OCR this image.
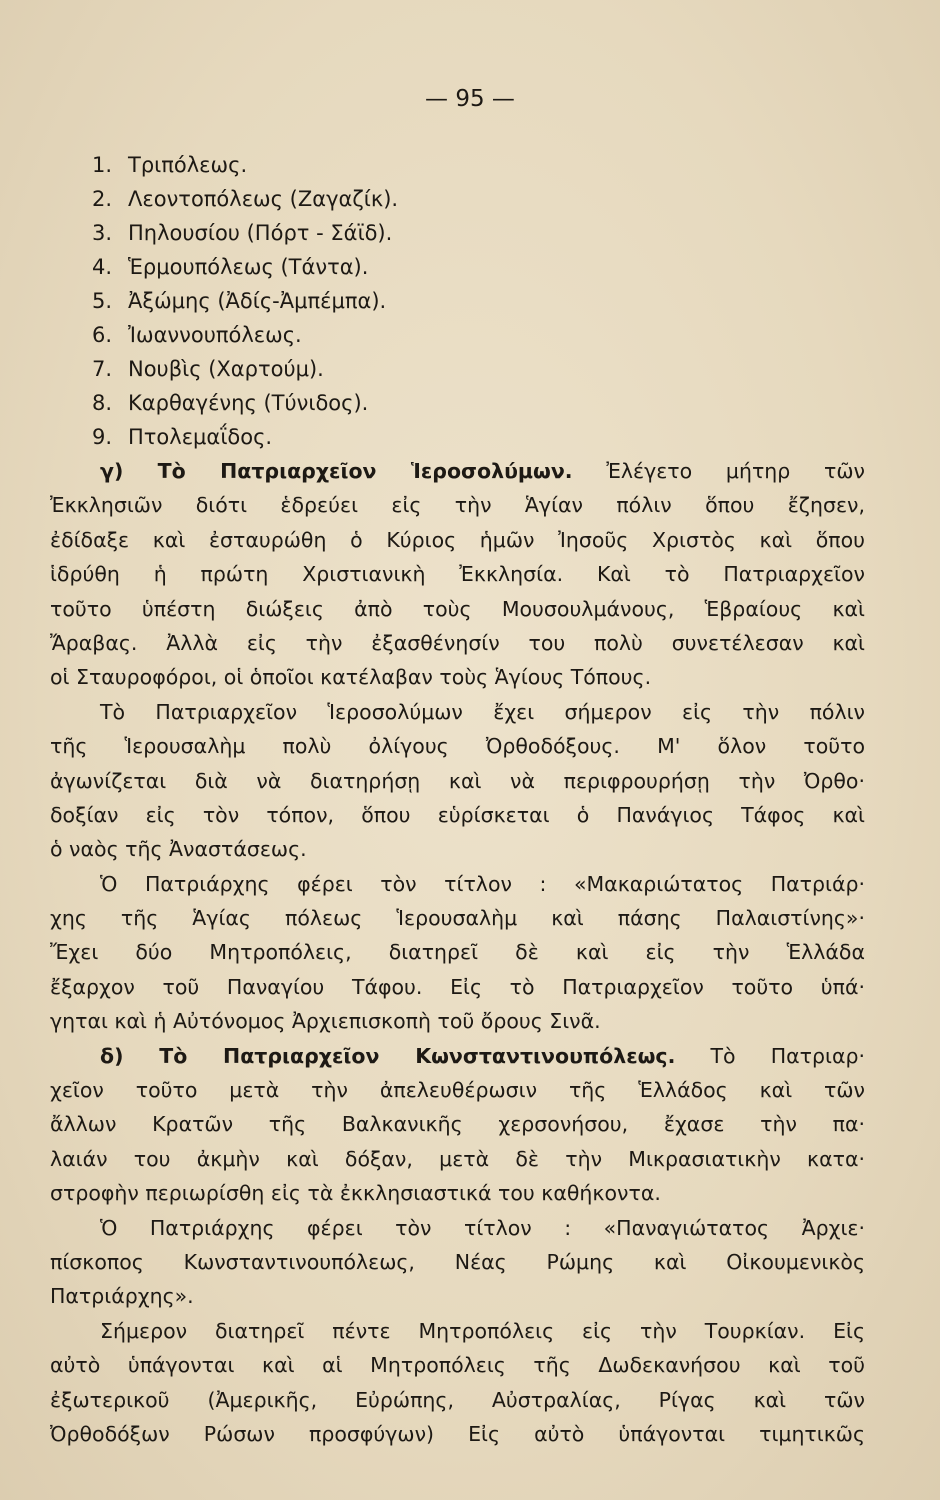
— 95 —
1. Τριπόλεως.
2. Λεοντοπόλεως (Ζαγαζίκ).
3. Πηλουσίου (Πόρτ - Σάϊδ).
4. Ἑρμουπόλεως (Τάντα).
5. Ἀξώμης (Ἀδίς-Ἀμπέμπα).
6. Ἰωαννουπόλεως.
7. Νουβὶς (Χαρτούμ).
8. Καρθαγένης (Τύνιδος).
9. Πτολεμαΐδος.
γ) Τὸ Πατριαρχεῖον Ἱεροσολύμων. Ἐλέγετο μήτηρ τῶν
Ἐκκλησιῶν διότι ἑδρεύει εἰς τὴν Ἁγίαν πόλιν ὅπου ἔζησεν,
ἐδίδαξε καὶ ἐσταυρώθη ὁ Κύριος ἡμῶν Ἰησοῦς Χριστὸς καὶ ὅπου
ἱδρύθη ἡ πρώτη Χριστιανικὴ Ἐκκλησία. Καὶ τὸ Πατριαρχεῖον
τοῦτο ὑπέστη διώξεις ἀπὸ τοὺς Μουσουλμάνους, Ἑβραίους καὶ
Ἄραβας. Ἀλλὰ εἰς τὴν ἐξασθένησίν του πολὺ συνετέλεσαν καὶ
οἱ Σταυροφόροι, οἱ ὁποῖοι κατέλαβαν τοὺς Ἁγίους Τόπους.
Τὸ Πατριαρχεῖον Ἱεροσολύμων ἔχει σήμερον εἰς τὴν πόλιν
τῆς Ἱερουσαλὴμ πολὺ ὀλίγους Ὀρθοδόξους. Μ' ὅλον τοῦτο
ἀγωνίζεται διὰ νὰ διατηρήσῃ καὶ νὰ περιφρουρήσῃ τὴν Ὀρθο·
δοξίαν εἰς τὸν τόπον, ὅπου εὑρίσκεται ὁ Πανάγιος Τάφος καὶ
ὁ ναὸς τῆς Ἀναστάσεως.
Ὁ Πατριάρχης φέρει τὸν τίτλον : «Μακαριώτατος Πατριάρ·
χης τῆς Ἁγίας πόλεως Ἱερουσαλὴμ καὶ πάσης Παλαιστίνης»·
Ἔχει δύο Μητροπόλεις, διατηρεῖ δὲ καὶ εἰς τὴν Ἑλλάδα
ἔξαρχον τοῦ Παναγίου Τάφου. Εἰς τὸ Πατριαρχεῖον τοῦτο ὑπά·
γηται καὶ ἡ Αὐτόνομος Ἀρχιεπισκοπὴ τοῦ ὄρους Σινᾶ.
δ) Τὸ Πατριαρχεῖον Κωνσταντινουπόλεως. Τὸ Πατριαρ·
χεῖον τοῦτο μετὰ τὴν ἀπελευθέρωσιν τῆς Ἑλλάδος καὶ τῶν
ἄλλων Κρατῶν τῆς Βαλκανικῆς χερσονήσου, ἔχασε τὴν πα·
λαιάν του ἀκμὴν καὶ δόξαν, μετὰ δὲ τὴν Μικρασιατικὴν κατα·
στροφὴν περιωρίσθη εἰς τὰ ἐκκλησιαστικά του καθήκοντα.
Ὁ Πατριάρχης φέρει τὸν τίτλον : «Παναγιώτατος Ἀρχιε·
πίσκοπος Κωνσταντινουπόλεως, Νέας Ρώμης καὶ Οἰκουμενικὸς
Πατριάρχης».
Σήμερον διατηρεῖ πέντε Μητροπόλεις εἰς τὴν Τουρκίαν. Εἰς
αὐτὸ ὑπάγονται καὶ αἱ Μητροπόλεις τῆς Δωδεκανήσου καὶ τοῦ
ἐξωτερικοῦ (Ἀμερικῆς, Εὐρώπης, Αὐστραλίας, Ρίγας καὶ τῶν
Ὀρθοδόξων Ρώσων προσφύγων) Εἰς αὐτὸ ὑπάγονται τιμητικῶς
